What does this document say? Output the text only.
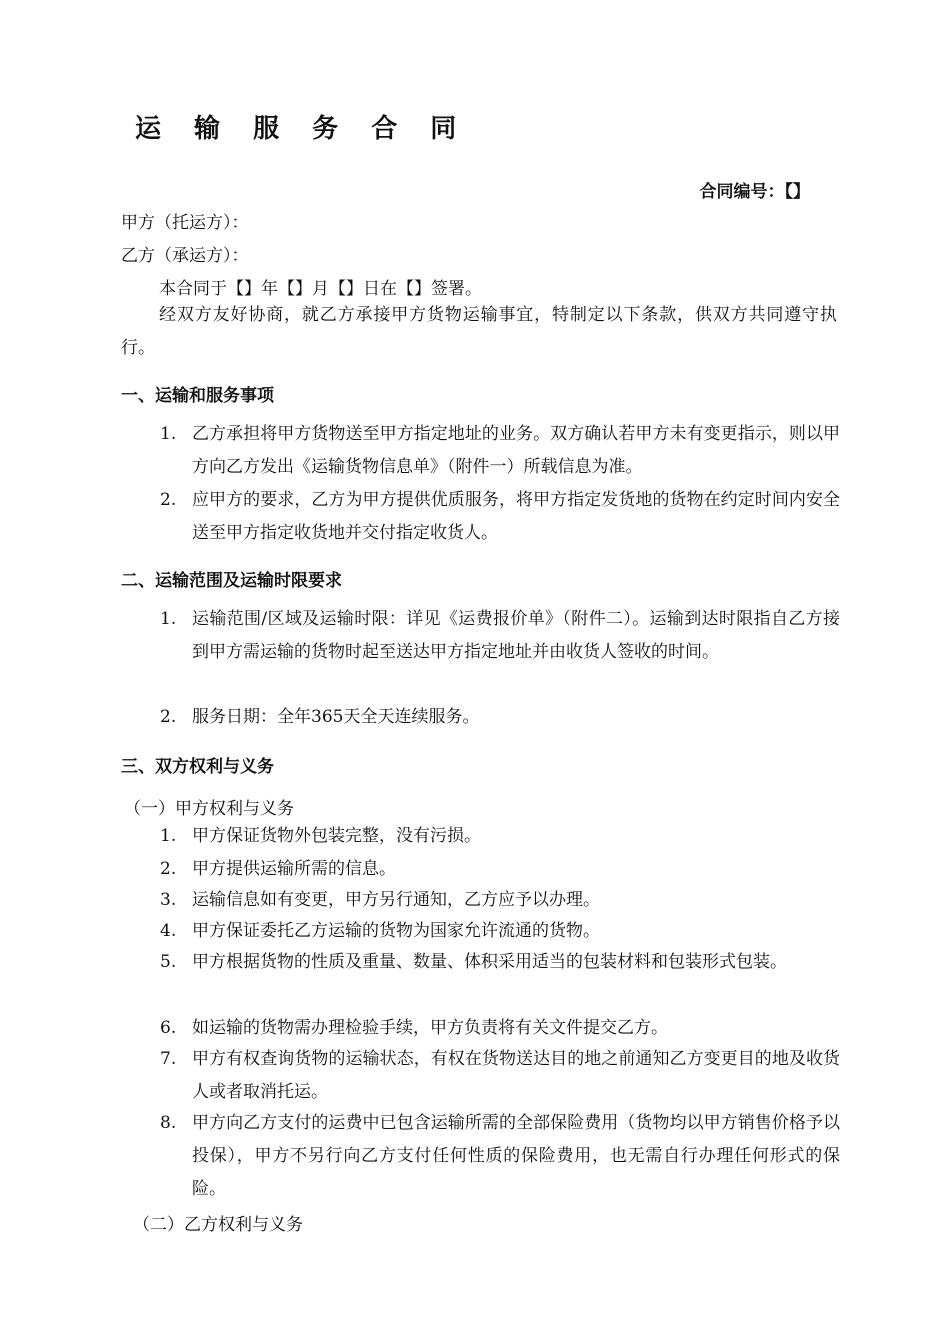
运 输 服 务 合 同
合同编号：【】
甲方（托运方）：
乙方（承运方）：
本合同于【】年【】月【】日在【】签署。
经双方友好协商，就乙方承接甲方货物运输事宜，特制定以下条款，供双方共同遵守执行。
一、运输和服务事项
1. 乙方承担将甲方货物送至甲方指定地址的业务。双方确认若甲方未有变更指示，则以甲方向乙方发出《运输货物信息单》（附件一）所载信息为准。
2. 应甲方的要求，乙方为甲方提供优质服务，将甲方指定发货地的货物在约定时间内安全送至甲方指定收货地并交付指定收货人。
二、运输范围及运输时限要求
1. 运输范围/区域及运输时限：详见《运费报价单》（附件二）。运输到达时限指自乙方接到甲方需运输的货物时起至送达甲方指定地址并由收货人签收的时间。
2. 服务日期：全年365天全天连续服务。
三、双方权利与义务
（一）甲方权利与义务
1. 甲方保证货物外包装完整，没有污损。
2. 甲方提供运输所需的信息。
3. 运输信息如有变更，甲方另行通知，乙方应予以办理。
4. 甲方保证委托乙方运输的货物为国家允许流通的货物。
5. 甲方根据货物的性质及重量、数量、体积采用适当的包装材料和包装形式包装。
6. 如运输的货物需办理检验手续，甲方负责将有关文件提交乙方。
7. 甲方有权查询货物的运输状态，有权在货物送达目的地之前通知乙方变更目的地及收货人或者取消托运。
8. 甲方向乙方支付的运费中已包含运输所需的全部保险费用（货物均以甲方销售价格予以投保），甲方不另行向乙方支付任何性质的保险费用，也无需自行办理任何形式的保险。
（二）乙方权利与义务
